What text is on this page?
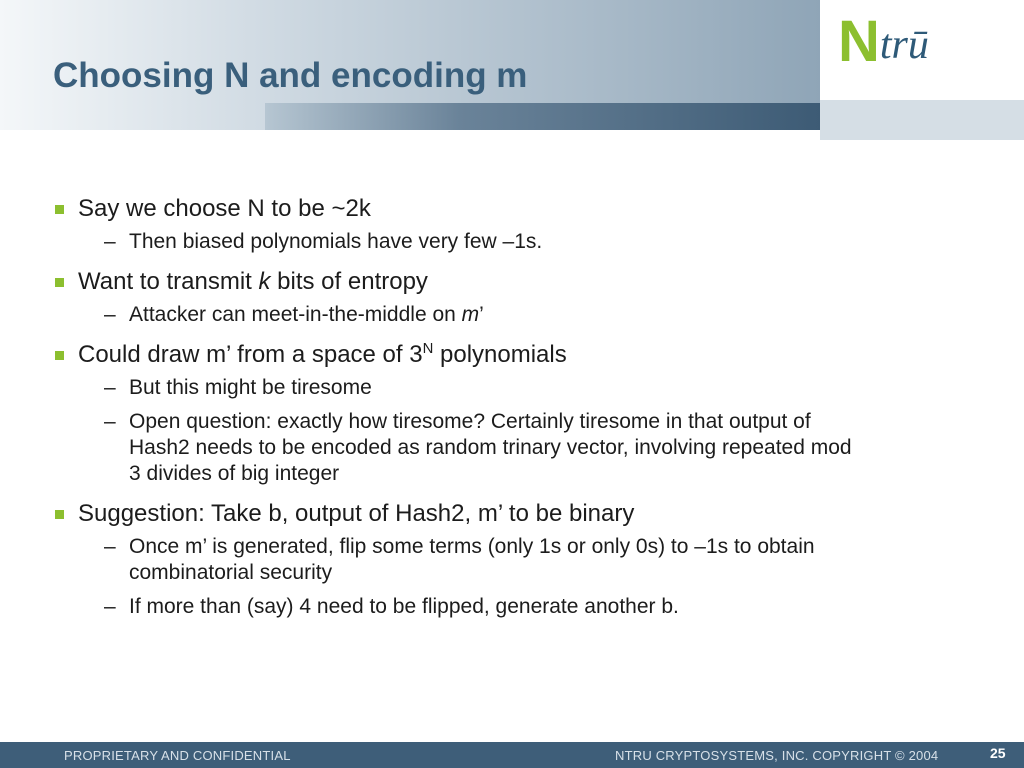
N trū
Choosing N and encoding m
Say we choose N to be ~2k
– Then biased polynomials have very few –1s.
Want to transmit k bits of entropy
– Attacker can meet-in-the-middle on m’
Could draw m’ from a space of $3^N$ polynomials
– But this might be tiresome
– Open question: exactly how tiresome? Certainly tiresome in that output of Hash2 needs to be encoded as random trinary vector, involving repeated mod 3 divides of big integer
Suggestion: Take b, output of Hash2, m’ to be binary
– Once m’ is generated, flip some terms (only 1s or only 0s) to –1s to obtain combinatorial security
– If more than (say) 4 need to be flipped, generate another b.
PROPRIETARY AND CONFIDENTIAL	NTRU CRYPTOSYSTEMS, INC. COPYRIGHT © 2004	25
